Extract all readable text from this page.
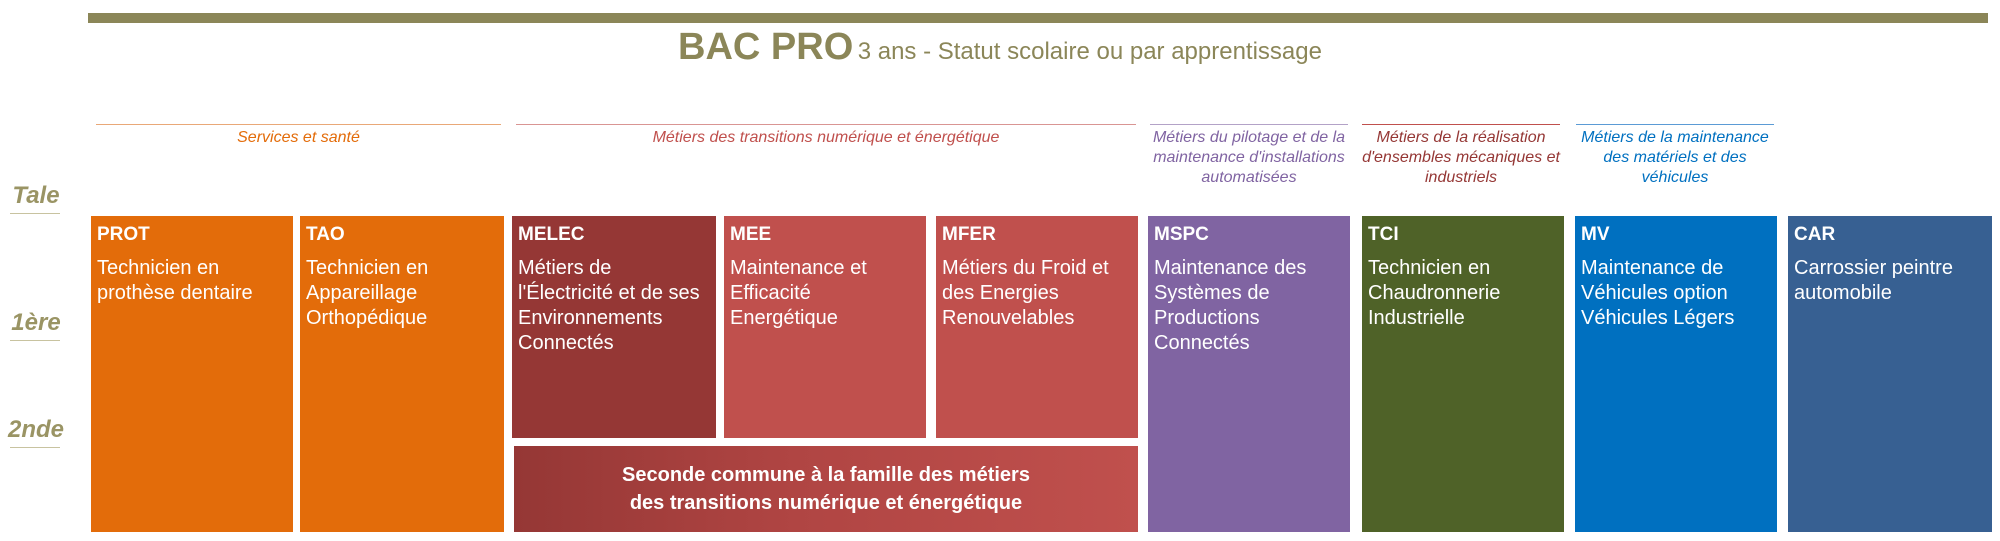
BAC PRO 3 ans - Statut scolaire ou par apprentissage
Tale
1ère
2nde
Services et santé	Métiers des transitions numérique et énergétique	Métiers du pilotage et de la maintenance d'installations automatisées
Métiers de la réalisation d'ensembles mécaniques et industriels
Métiers de la maintenance des matériels et des véhicules
PROT
Technicien en prothèse dentaire
TAO
Technicien en Appareillage Orthopédique
MELEC
Métiers de l'Électricité et de ses Environnements Connectés
MEE
Maintenance et Efficacité Energétique
MFER
Métiers du Froid et des Energies Renouvelables
MSPC
Maintenance des Systèmes de Productions Connectés
TCI
Technicien en Chaudronnerie Industrielle
MV
Maintenance de Véhicules option Véhicules Légers
CAR
Carrossier peintre automobile
Seconde commune à la famille des métiers
des transitions numérique et énergétique
